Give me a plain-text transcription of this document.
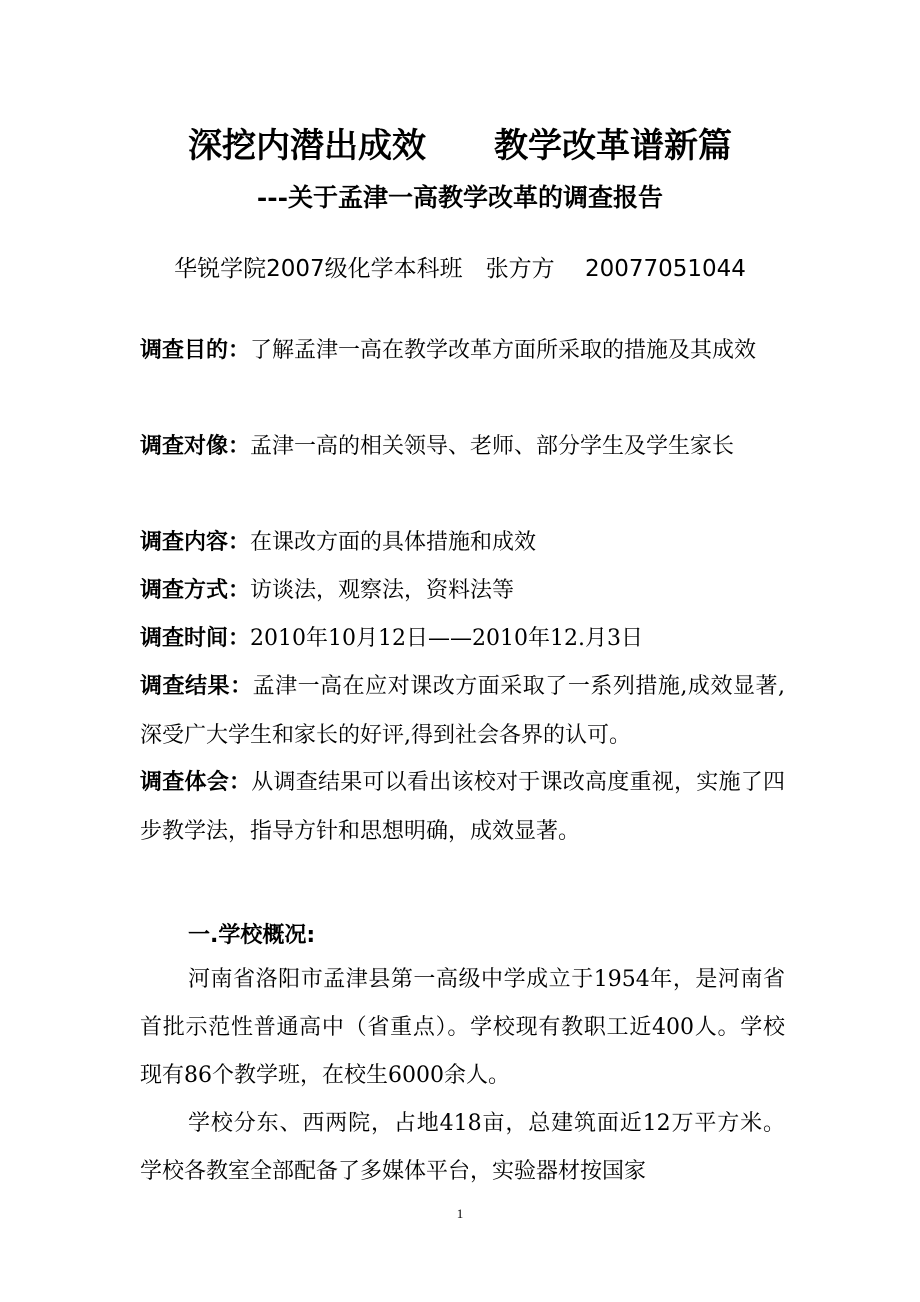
深挖内潜出成效　　教学改革谱新篇
---关于孟津一高教学改革的调查报告
华锐学院2007级化学本科班　张方方　 20077051044
调查目的：了解孟津一高在教学改革方面所采取的措施及其成效
调查对像：孟津一高的相关领导、老师、部分学生及学生家长
调查内容：在课改方面的具体措施和成效
调查方式：访谈法，观察法，资料法等
调查时间：2010年10月12日——2010年12.月3日
调查结果：孟津一高在应对课改方面采取了一系列措施,成效显著,深受广大学生和家长的好评,得到社会各界的认可。
调查体会：从调查结果可以看出该校对于课改高度重视，实施了四步教学法，指导方针和思想明确，成效显著。
一.学校概况:
河南省洛阳市孟津县第一高级中学成立于1954年，是河南省首批示范性普通高中（省重点）。学校现有教职工近400人。学校现有86个教学班，在校生6000余人。
学校分东、西两院，占地418亩，总建筑面近12万平方米。学校各教室全部配备了多媒体平台，实验器材按国家
1
